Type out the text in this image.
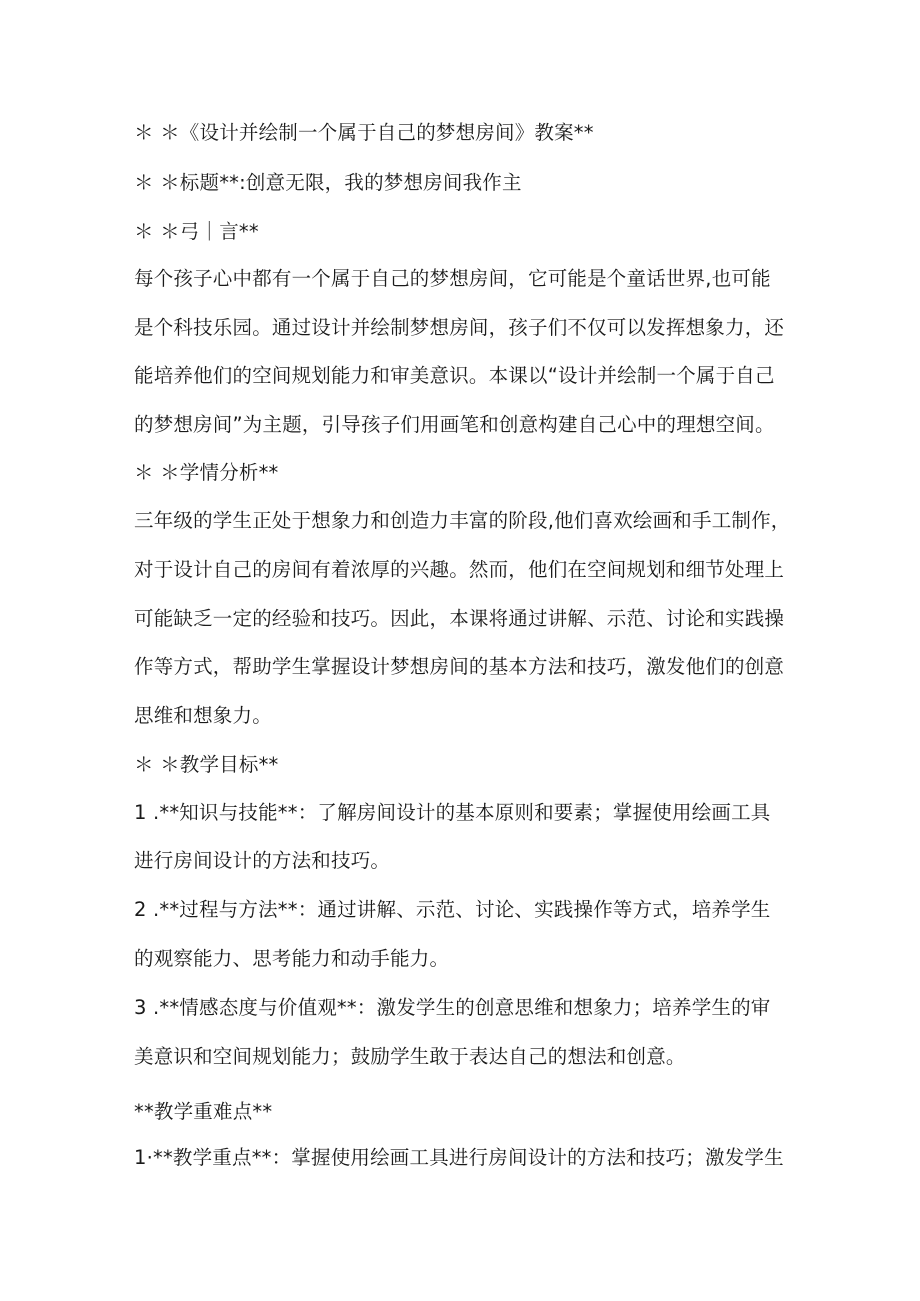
＊ ＊《设计并绘制一个属于自己的梦想房间》教案**
＊ ＊标题**:创意无限，我的梦想房间我作主
＊ ＊弓｜言**
每个孩子心中都有一个属于自己的梦想房间，它可能是个童话世界,也可能
是个科技乐园。通过设计并绘制梦想房间，孩子们不仅可以发挥想象力，还
能培养他们的空间规划能力和审美意识。本课以“设计并绘制一个属于自己
的梦想房间”为主题，引导孩子们用画笔和创意构建自己心中的理想空间。
＊ ＊学情分析**
三年级的学生正处于想象力和创造力丰富的阶段,他们喜欢绘画和手工制作，
对于设计自己的房间有着浓厚的兴趣。然而，他们在空间规划和细节处理上
可能缺乏一定的经验和技巧。因此，本课将通过讲解、示范、讨论和实践操
作等方式，帮助学生掌握设计梦想房间的基本方法和技巧，激发他们的创意
思维和想象力。
＊ ＊教学目标**
1 .**知识与技能**：了解房间设计的基本原则和要素；掌握使用绘画工具
进行房间设计的方法和技巧。
2 .**过程与方法**：通过讲解、示范、讨论、实践操作等方式，培养学生
的观察能力、思考能力和动手能力。
3 .**情感态度与价值观**：激发学生的创意思维和想象力；培养学生的审
美意识和空间规划能力；鼓励学生敢于表达自己的想法和创意。
**教学重难点**
1·**教学重点**：掌握使用绘画工具进行房间设计的方法和技巧；激发学生
